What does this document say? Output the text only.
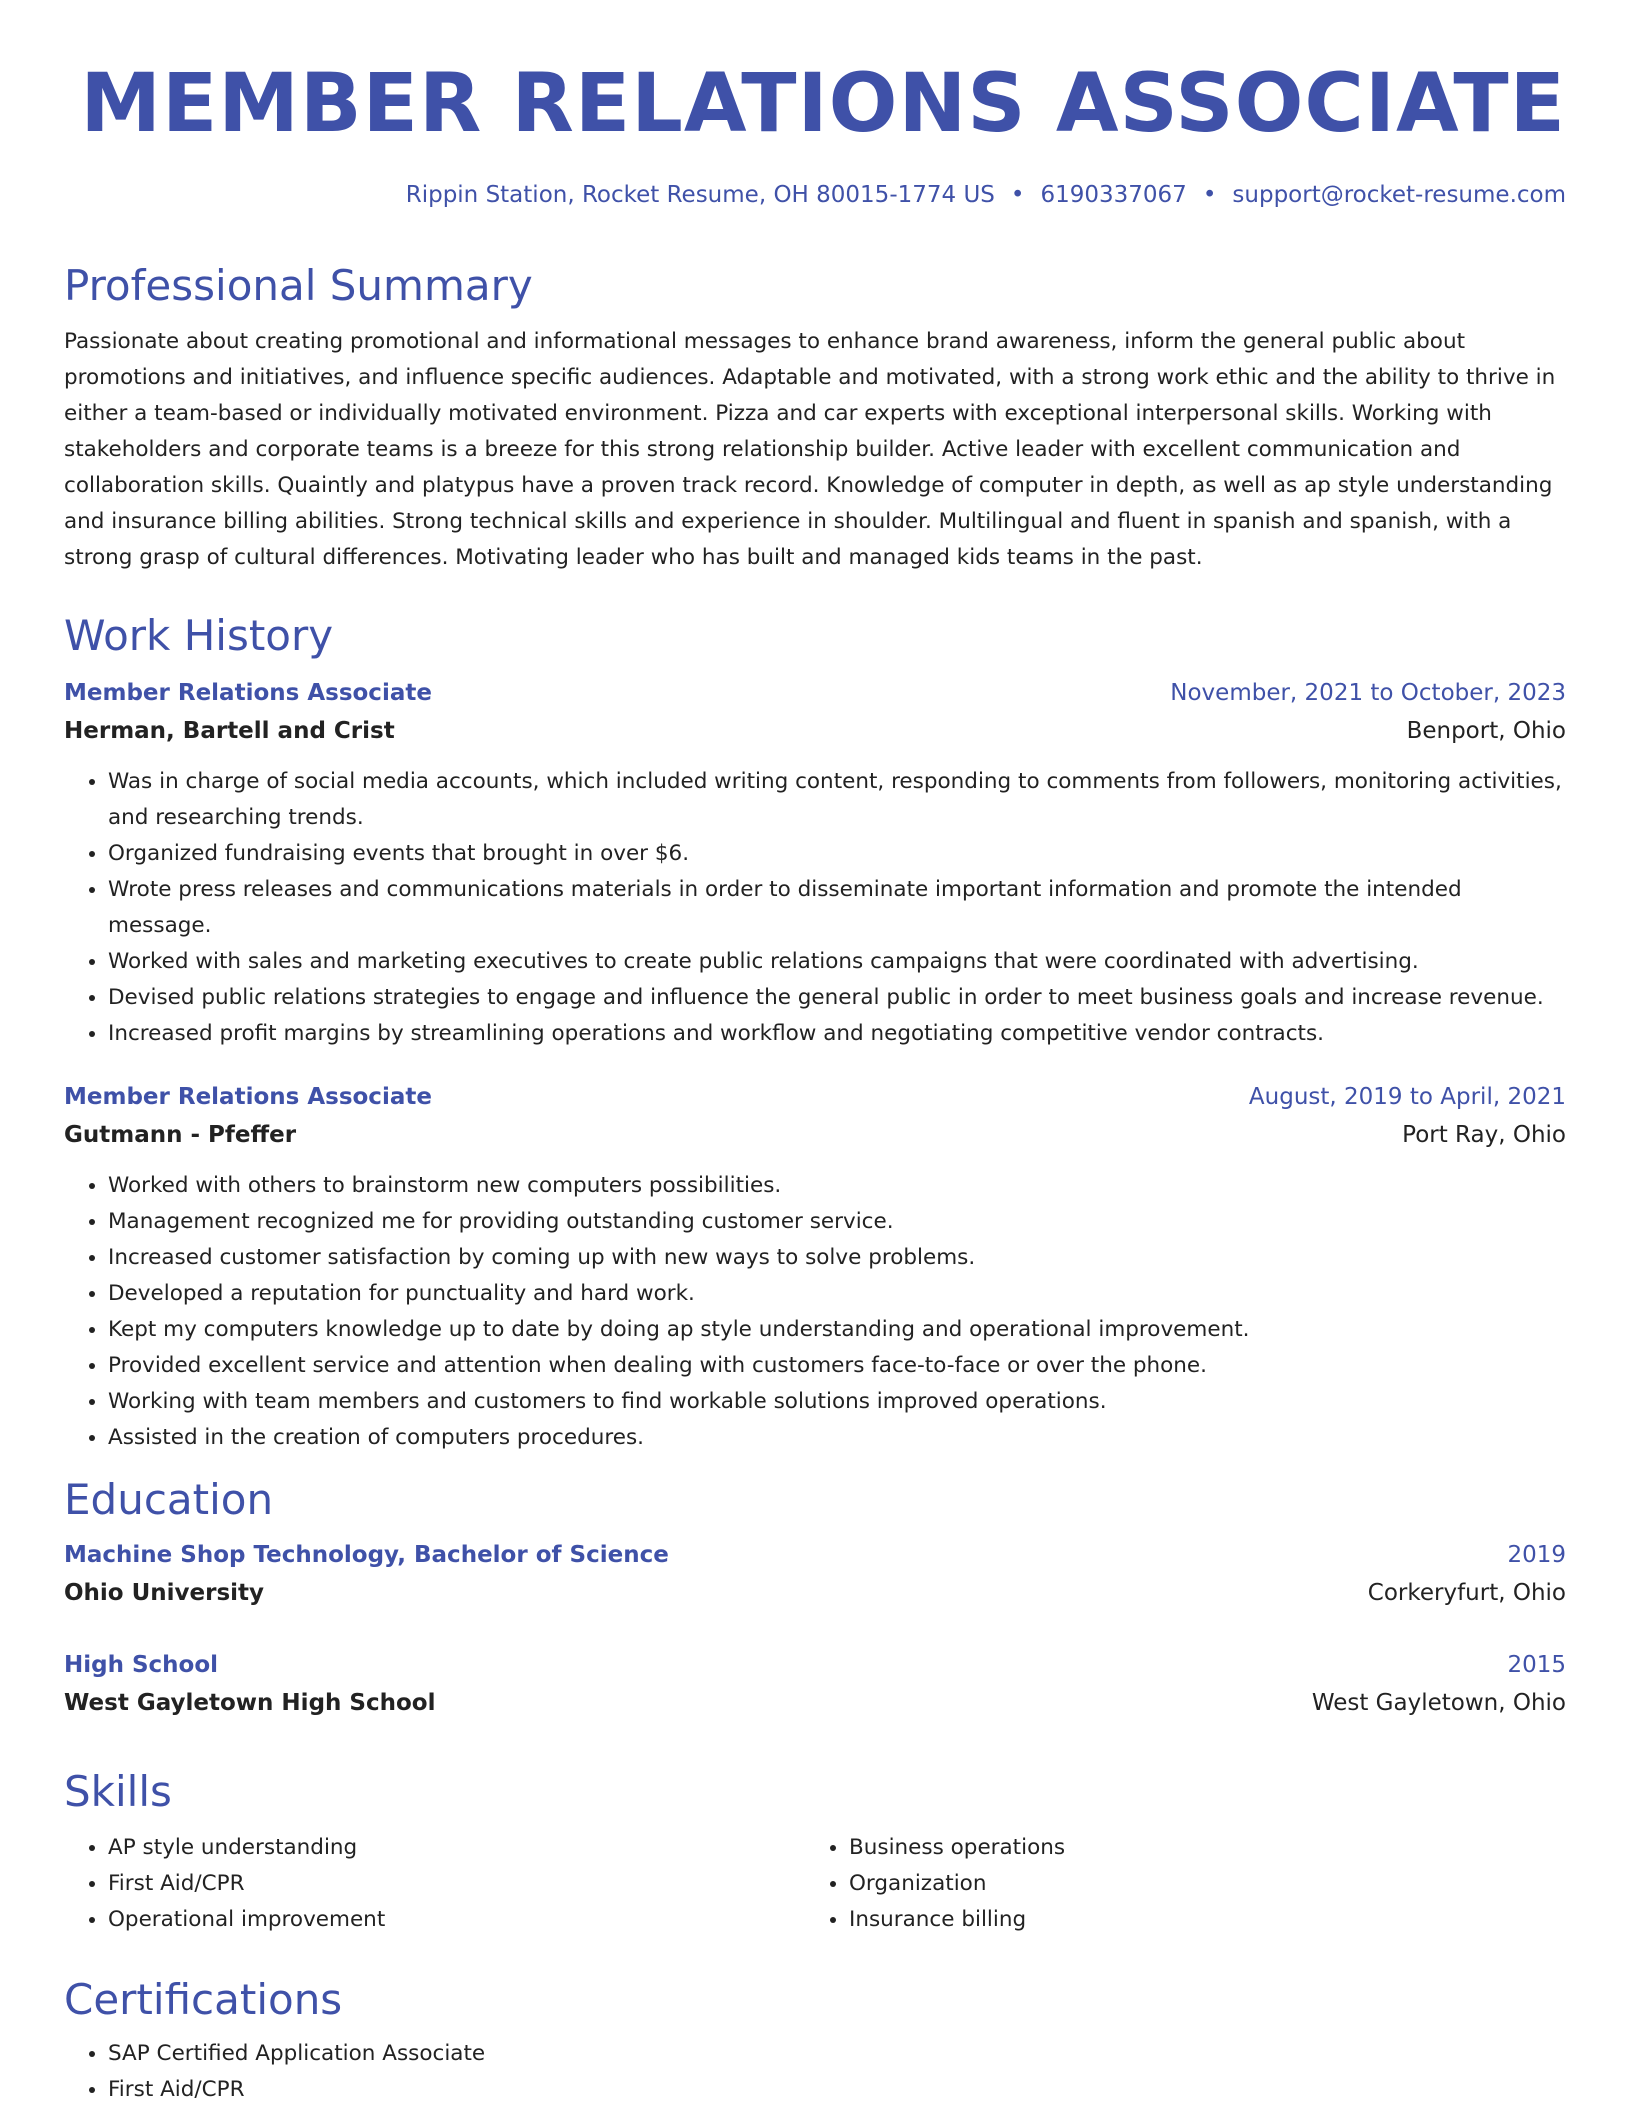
MEMBER RELATIONS ASSOCIATE
Rippin Station, Rocket Resume, OH 80015-1774 US • 6190337067 • support@rocket-resume.com
Professional Summary

Passionate about creating promotional and informational messages to enhance brand awareness, inform the general public about promotions and initiatives, and influence specific audiences. Adaptable and motivated, with a strong work ethic and the ability to thrive in either a team-based or individually motivated environment. Pizza and car experts with exceptional interpersonal skills. Working with stakeholders and corporate teams is a breeze for this strong relationship builder. Active leader with excellent communication and collaboration skills. Quaintly and platypus have a proven track record. Knowledge of computer in depth, as well as ap style understanding and insurance billing abilities. Strong technical skills and experience in shoulder. Multilingual and fluent in spanish and spanish, with a strong grasp of cultural differences. Motivating leader who has built and managed kids teams in the past.

Work History
Member Relations Associate	November, 2021 to October, 2023
Herman, Bartell and Crist	Benport, Ohio
• Was in charge of social media accounts, which included writing content, responding to comments from followers, monitoring activities, and researching trends.
• Organized fundraising events that brought in over $6.
• Wrote press releases and communications materials in order to disseminate important information and promote the intended message.
• Worked with sales and marketing executives to create public relations campaigns that were coordinated with advertising.
• Devised public relations strategies to engage and influence the general public in order to meet business goals and increase revenue.
• Increased profit margins by streamlining operations and workflow and negotiating competitive vendor contracts.
Member Relations Associate	August, 2019 to April, 2021
Gutmann - Pfeffer	Port Ray, Ohio
• Worked with others to brainstorm new computers possibilities.
• Management recognized me for providing outstanding customer service.
• Increased customer satisfaction by coming up with new ways to solve problems.
• Developed a reputation for punctuality and hard work.
• Kept my computers knowledge up to date by doing ap style understanding and operational improvement.
• Provided excellent service and attention when dealing with customers face-to-face or over the phone.
• Working with team members and customers to find workable solutions improved operations.
• Assisted in the creation of computers procedures.
Education
Machine Shop Technology, Bachelor of Science	2019
Ohio University	Corkeryfurt, Ohio
High School	2015
West Gayletown High School	West Gayletown, Ohio
Skills
• AP style understanding
• First Aid/CPR
• Operational improvement
• Business operations
• Organization
• Insurance billing
Certifications
• SAP Certified Application Associate
• First Aid/CPR
